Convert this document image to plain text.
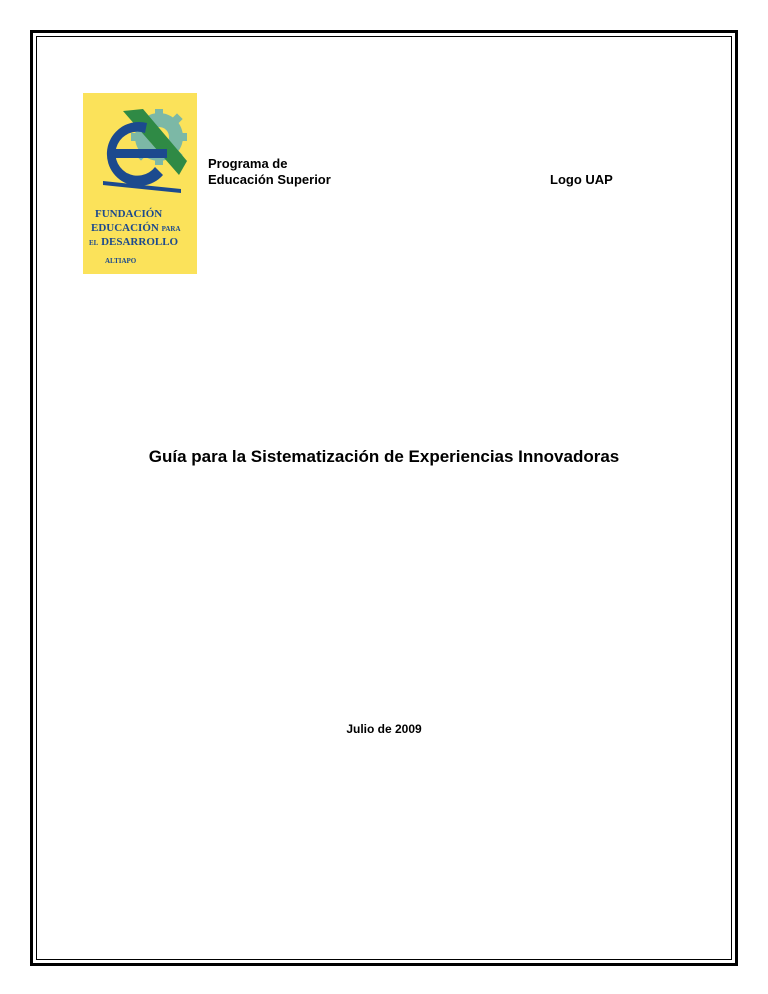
FUNDACIÓN
EDUCACIÓN PARA
EL DESARROLLO
ALTIAPO
Programa de
Educación Superior	Logo UAP
Guía para la Sistematización de Experiencias Innovadoras
Julio de 2009
